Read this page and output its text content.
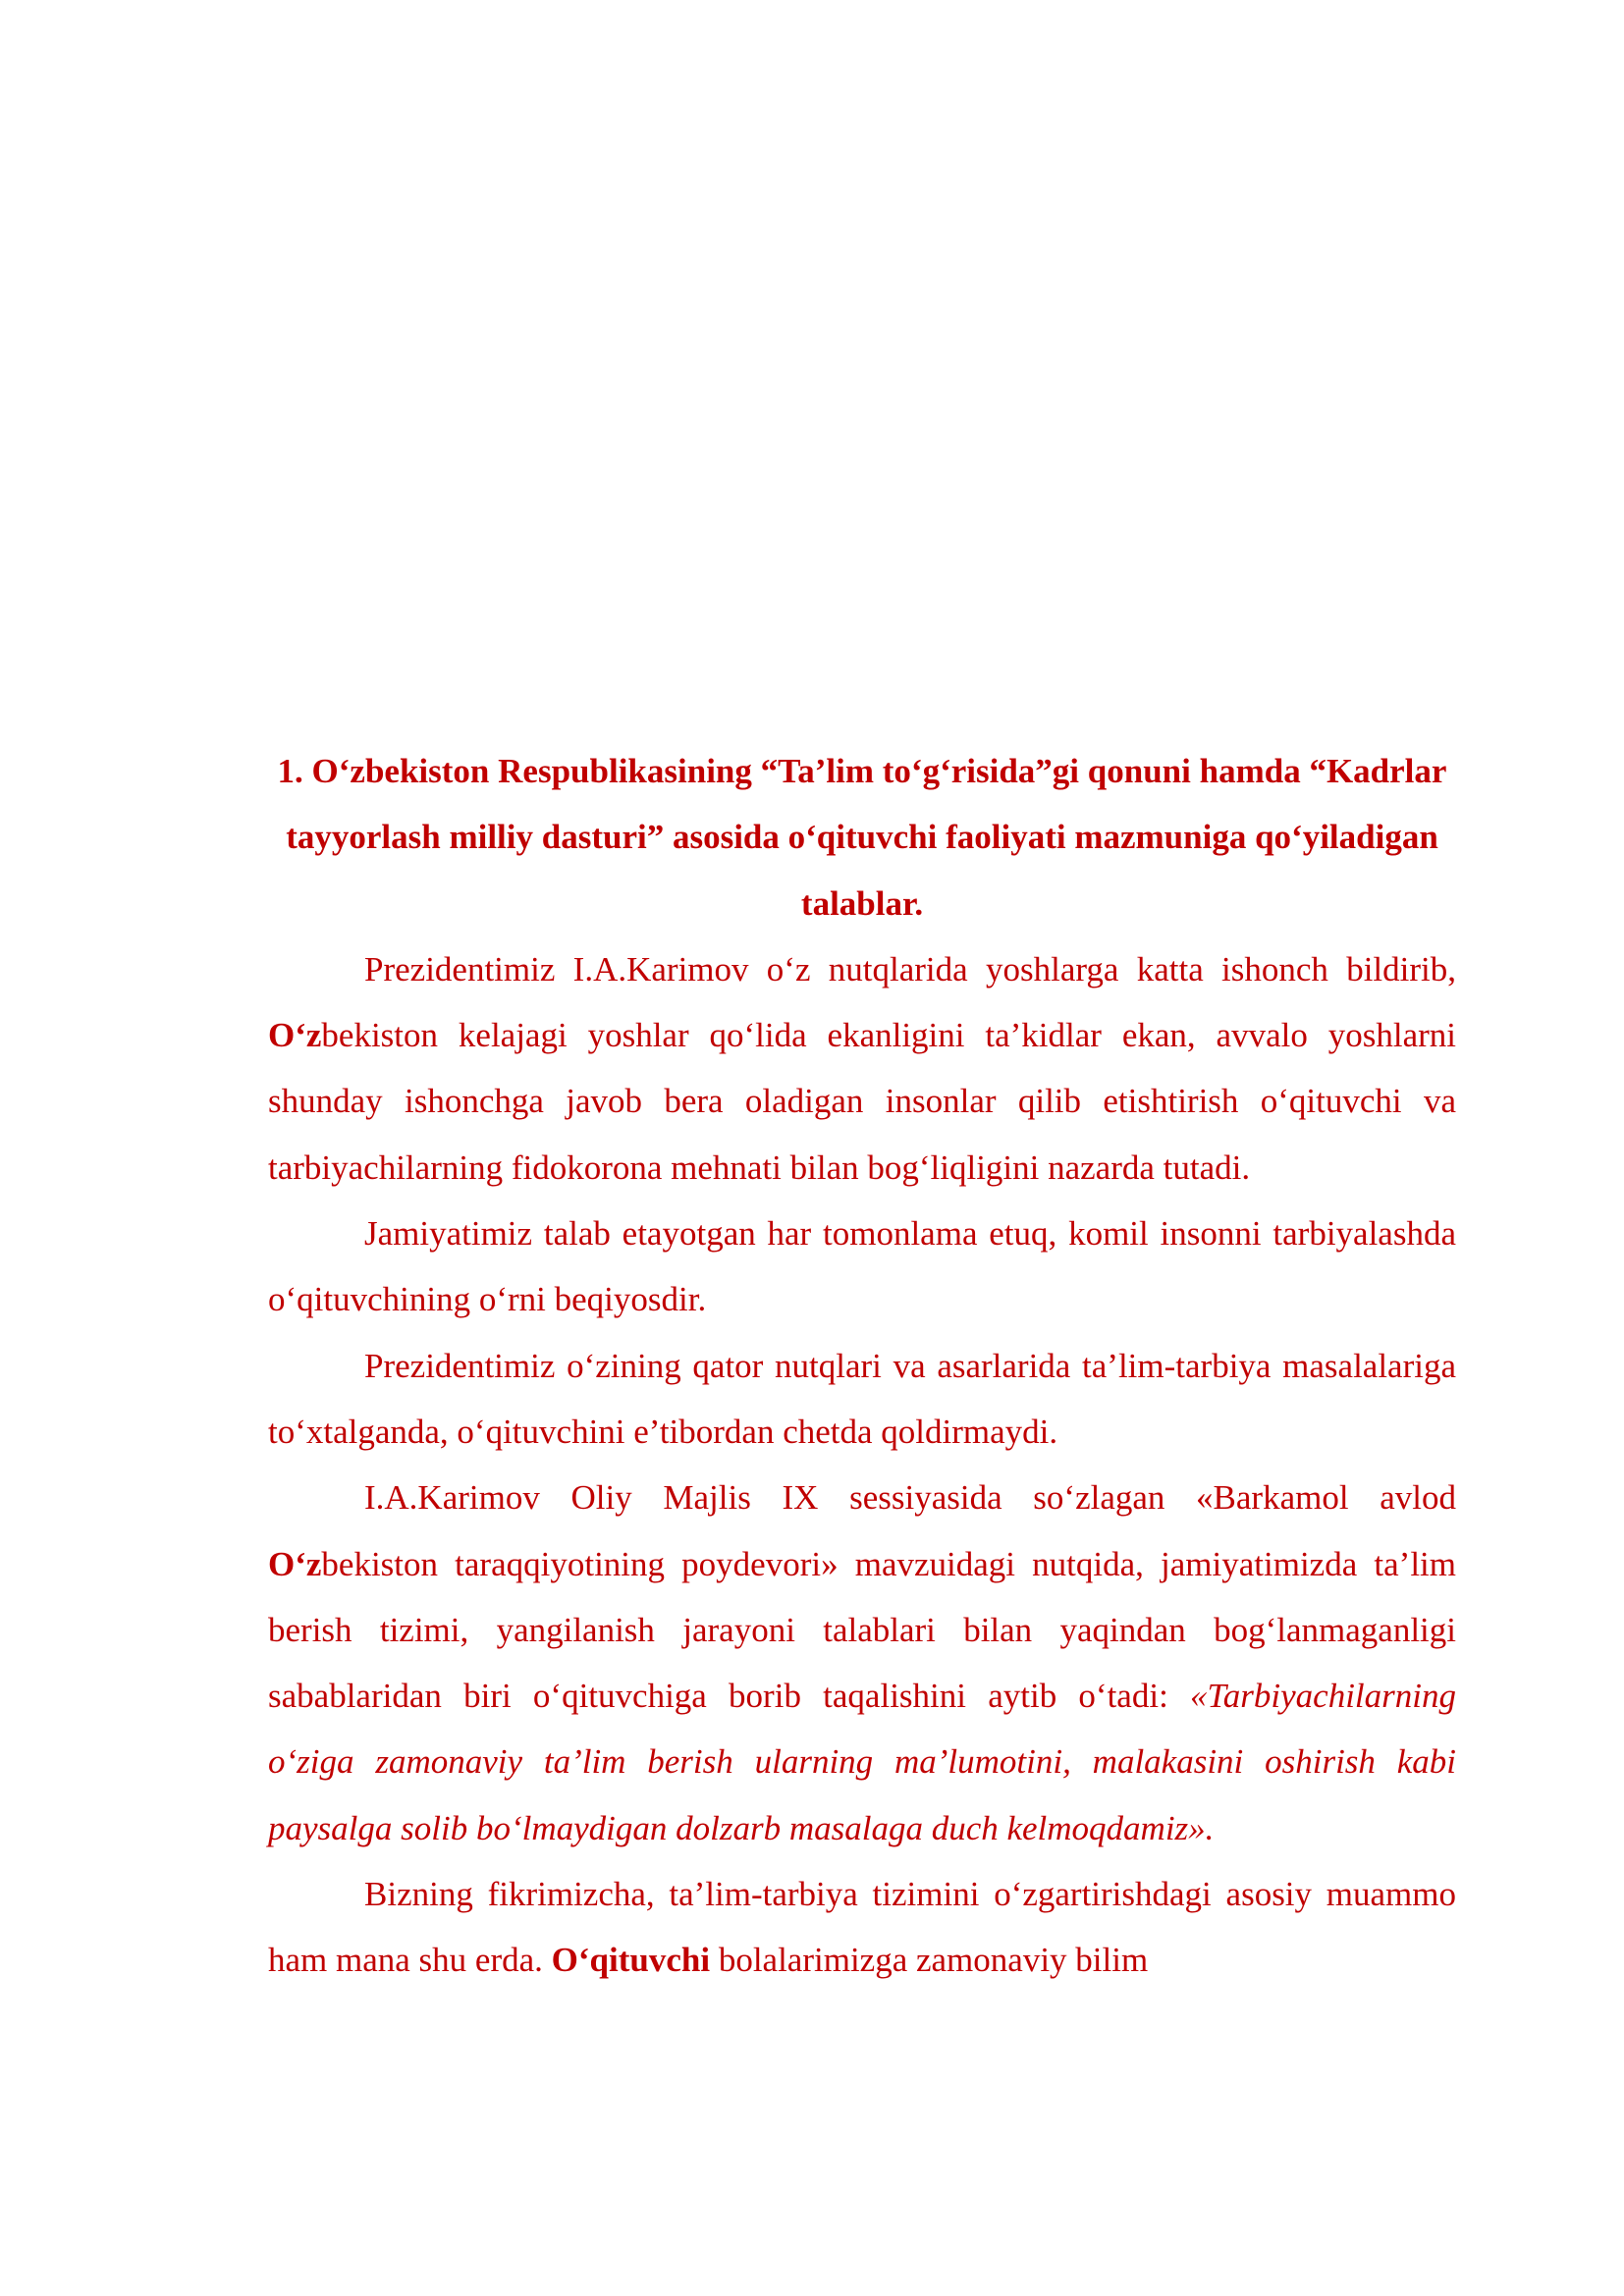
1. O‘zbekiston Respublikasining “Ta’lim to‘g‘risida”gi qonuni hamda “Kadrlar tayyorlash milliy dasturi” asosida o‘qituvchi faoliyati mazmuniga qo‘yiladigan talablar.

Prezidentimiz I.A.Karimov o‘z nutqlarida yoshlarga katta ishonch bildirib, O‘zbekiston kelajagi yoshlar qo‘lida ekanligini ta’kidlar ekan, avvalo yoshlarni shunday ishonchga javob bera oladigan insonlar qilib etishtirish o‘qituvchi va tarbiyachilarning fidokorona mehnati bilan bog‘liqligini nazarda tutadi.

Jamiyatimiz talab etayotgan har tomonlama etuq, komil insonni tarbiyalashda o‘qituvchining o‘rni beqiyosdir.

Prezidentimiz o‘zining qator nutqlari va asarlarida ta’lim-tarbiya masalalariga to‘xtalganda, o‘qituvchini e’tibordan chetda qoldirmaydi.

I.A.Karimov Oliy Majlis IX sessiyasida so‘zlagan «Barkamol avlod O‘zbekiston taraqqiyotining poydevori» mavzuidagi nutqida, jamiyatimizda ta’lim berish tizimi, yangilanish jarayoni talablari bilan yaqindan bog‘lanmaganligi sabablaridan biri o‘qituvchiga borib taqalishini aytib o‘tadi: «Tarbiyachilarning o‘ziga zamonaviy ta’lim berish ularning ma’lumotini, malakasini oshirish kabi paysalga solib bo‘lmaydigan dolzarb masalaga duch kelmoqdamiz».

Bizning fikrimizcha, ta’lim-tarbiya tizimini o‘zgartirishdagi asosiy muammo ham mana shu erda. O‘qituvchi bolalarimizga zamonaviy bilim
